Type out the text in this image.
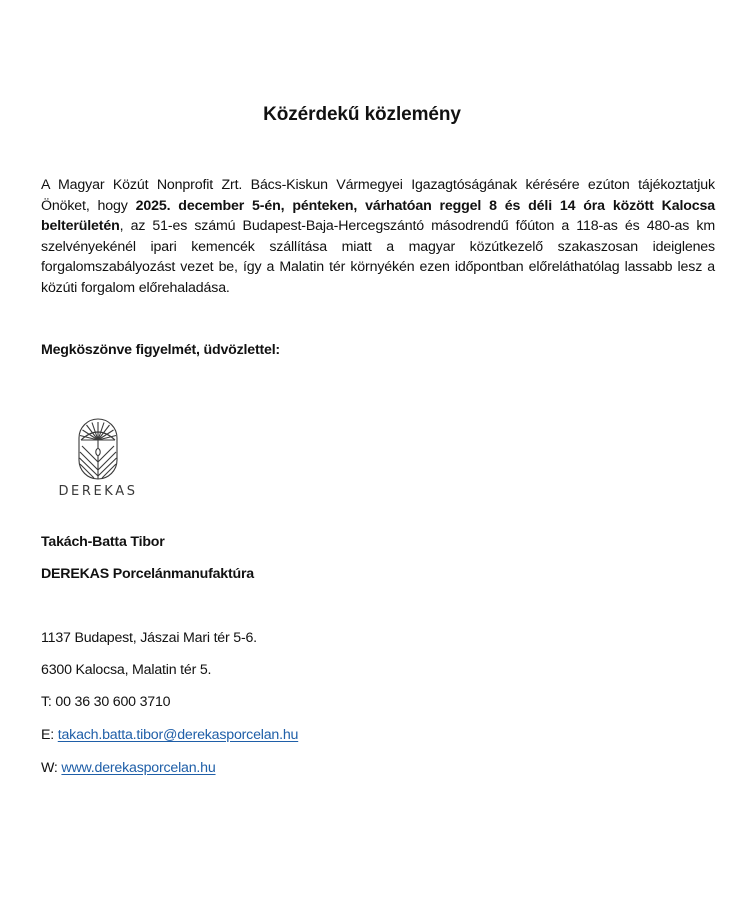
Közérdekű közlemény
A Magyar Közút Nonprofit Zrt. Bács-Kiskun Vármegyei Igazagtóságának kérésére ezúton tájékoztatjuk Önöket, hogy 2025. december 5-én, pénteken, várhatóan reggel 8 és déli 14 óra között Kalocsa belterületén, az 51-es számú Budapest-Baja-Hercegszántó másodrendű főúton a 118-as és 480-as km szelvényekénél ipari kemencék szállítása miatt a magyar közútkezelő szakaszosan ideiglenes forgalomszabályozást vezet be, így a Malatin tér környékén ezen időpontban előreláthatólag lassabb lesz a közúti forgalom előrehaladása.
Megköszönve figyelmét, üdvözlettel:
DEREKAS
Takách-Batta Tibor
DEREKAS Porcelánmanufaktúra
1137 Budapest, Jászai Mari tér 5-6.
6300 Kalocsa, Malatin tér 5.
T: 00 36 30 600 3710
E: takach.batta.tibor@derekasporcelan.hu
W: www.derekasporcelan.hu
